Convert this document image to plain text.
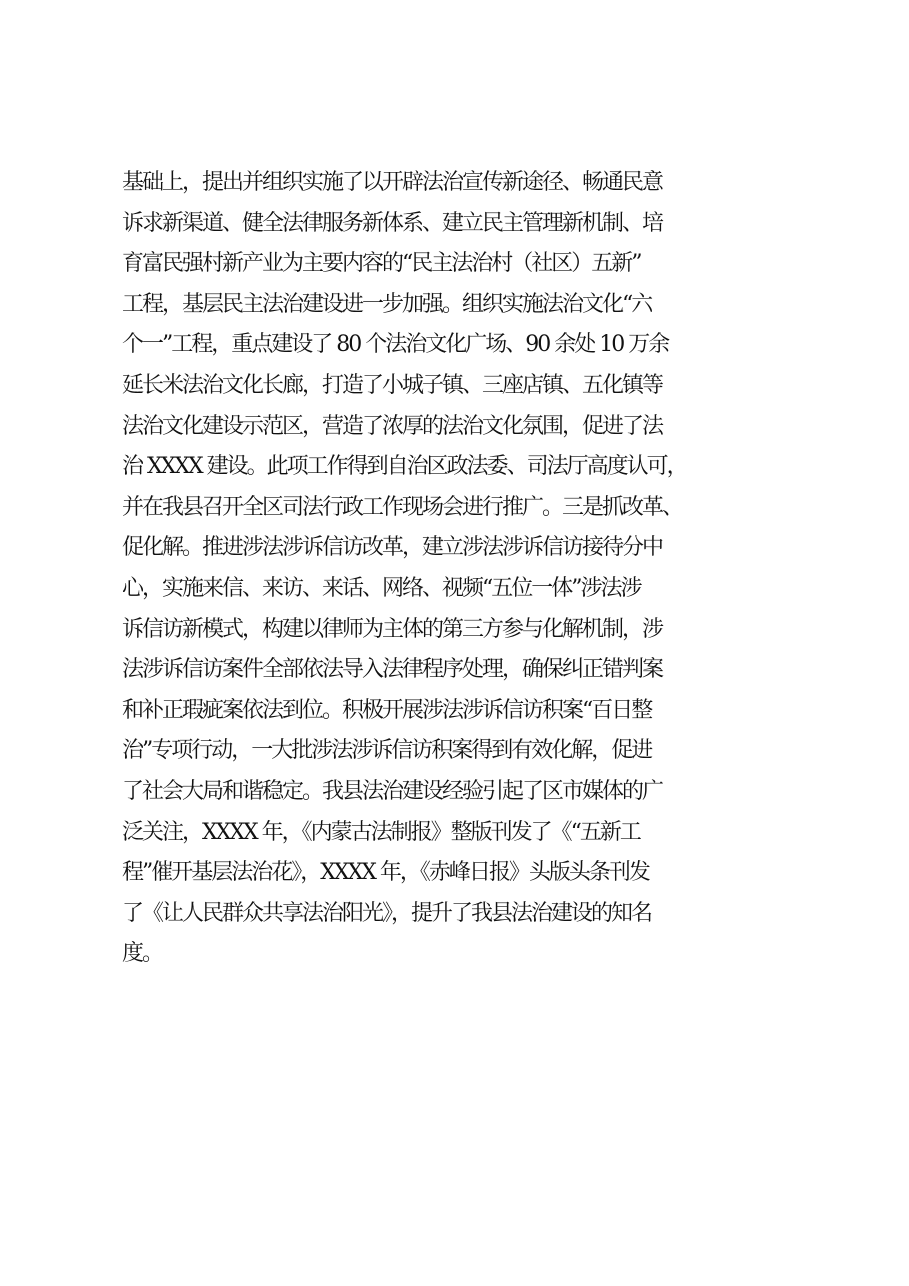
基础上，提出并组织实施了以开辟法治宣传新途径、畅通民意
诉求新渠道、健全法律服务新体系、建立民主管理新机制、培
育富民强村新产业为主要内容的“民主法治村（社区）五新”
工程，基层民主法治建设进一步加强。组织实施法治文化“六
个一”工程，重点建设了 80 个法治文化广场、90 余处 10 万余
延长米法治文化长廊，打造了小城子镇、三座店镇、五化镇等
法治文化建设示范区，营造了浓厚的法治文化氛围，促进了法
治 XXXX 建设。此项工作得到自治区政法委、司法厅高度认可，
并在我县召开全区司法行政工作现场会进行推广。三是抓改革、
促化解。推进涉法涉诉信访改革，建立涉法涉诉信访接待分中
心，实施来信、来访、来话、网络、视频“五位一体”涉法涉
诉信访新模式，构建以律师为主体的第三方参与化解机制，涉
法涉诉信访案件全部依法导入法律程序处理，确保纠正错判案
和补正瑕疵案依法到位。积极开展涉法涉诉信访积案“百日整
治”专项行动，一大批涉法涉诉信访积案得到有效化解，促进
了社会大局和谐稳定。我县法治建设经验引起了区市媒体的广
泛关注，XXXX 年，《内蒙古法制报》整版刊发了《“五新工
程”催开基层法治花》，XXXX 年，《赤峰日报》头版头条刊发
了《让人民群众共享法治阳光》，提升了我县法治建设的知名
度。
